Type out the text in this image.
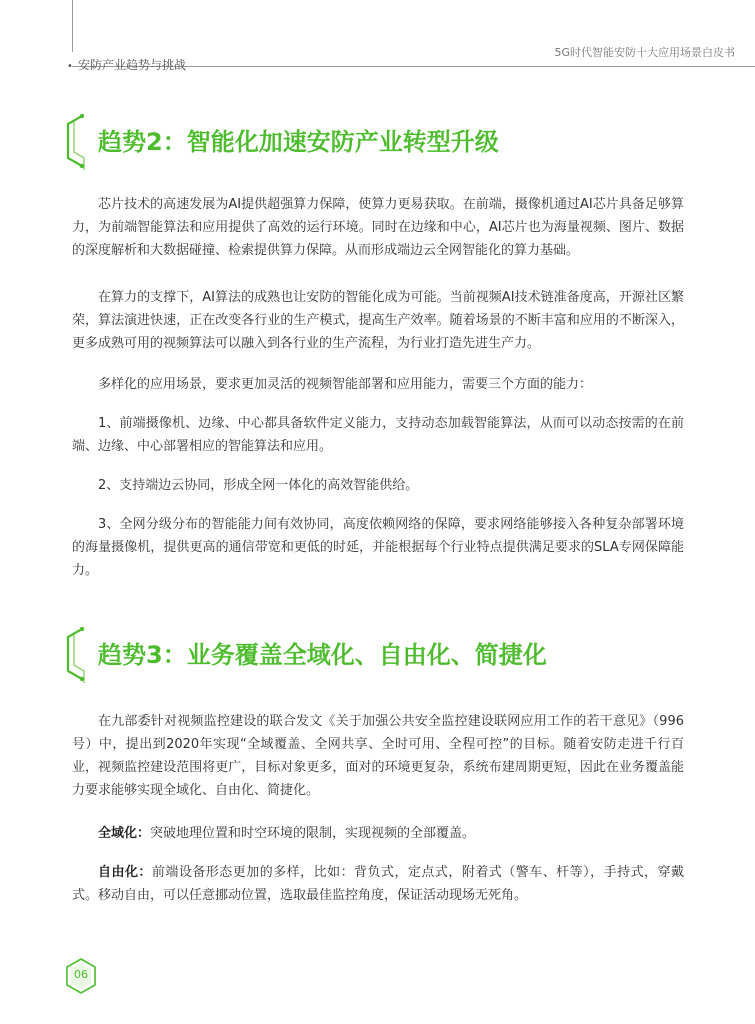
• 安防产业趋势与挑战
5G时代智能安防十大应用场景白皮书
趋势2：智能化加速安防产业转型升级

芯片技术的高速发展为AI提供超强算力保障，使算力更易获取。在前端，摄像机通过AI芯片具备足够算力，为前端智能算法和应用提供了高效的运行环境。同时在边缘和中心，AI芯片也为海量视频、图片、数据的深度解析和大数据碰撞、检索提供算力保障。从而形成端边云全网智能化的算力基础。

在算力的支撑下，AI算法的成熟也让安防的智能化成为可能。当前视频AI技术链准备度高，开源社区繁荣，算法演进快速，正在改变各行业的生产模式，提高生产效率。随着场景的不断丰富和应用的不断深入，更多成熟可用的视频算法可以融入到各行业的生产流程，为行业打造先进生产力。

多样化的应用场景，要求更加灵活的视频智能部署和应用能力，需要三个方面的能力：

1、前端摄像机、边缘、中心都具备软件定义能力，支持动态加载智能算法，从而可以动态按需的在前端、边缘、中心部署相应的智能算法和应用。

2、支持端边云协同，形成全网一体化的高效智能供给。

3、全网分级分布的智能能力间有效协同，高度依赖网络的保障，要求网络能够接入各种复杂部署环境的海量摄像机，提供更高的通信带宽和更低的时延，并能根据每个行业特点提供满足要求的SLA专网保障能力。

趋势3：业务覆盖全域化、自由化、简捷化

在九部委针对视频监控建设的联合发文《关于加强公共安全监控建设联网应用工作的若干意见》（996号）中，提出到2020年实现“全域覆盖、全网共享、全时可用、全程可控”的目标。随着安防走进千行百业，视频监控建设范围将更广，目标对象更多，面对的环境更复杂，系统布建周期更短，因此在业务覆盖能力要求能够实现全域化、自由化、简捷化。

全域化：突破地理位置和时空环境的限制，实现视频的全部覆盖。

自由化：前端设备形态更加的多样，比如：背负式，定点式，附着式（警车、杆等），手持式，穿戴式。移动自由，可以任意挪动位置，选取最佳监控角度，保证活动现场无死角。

06
